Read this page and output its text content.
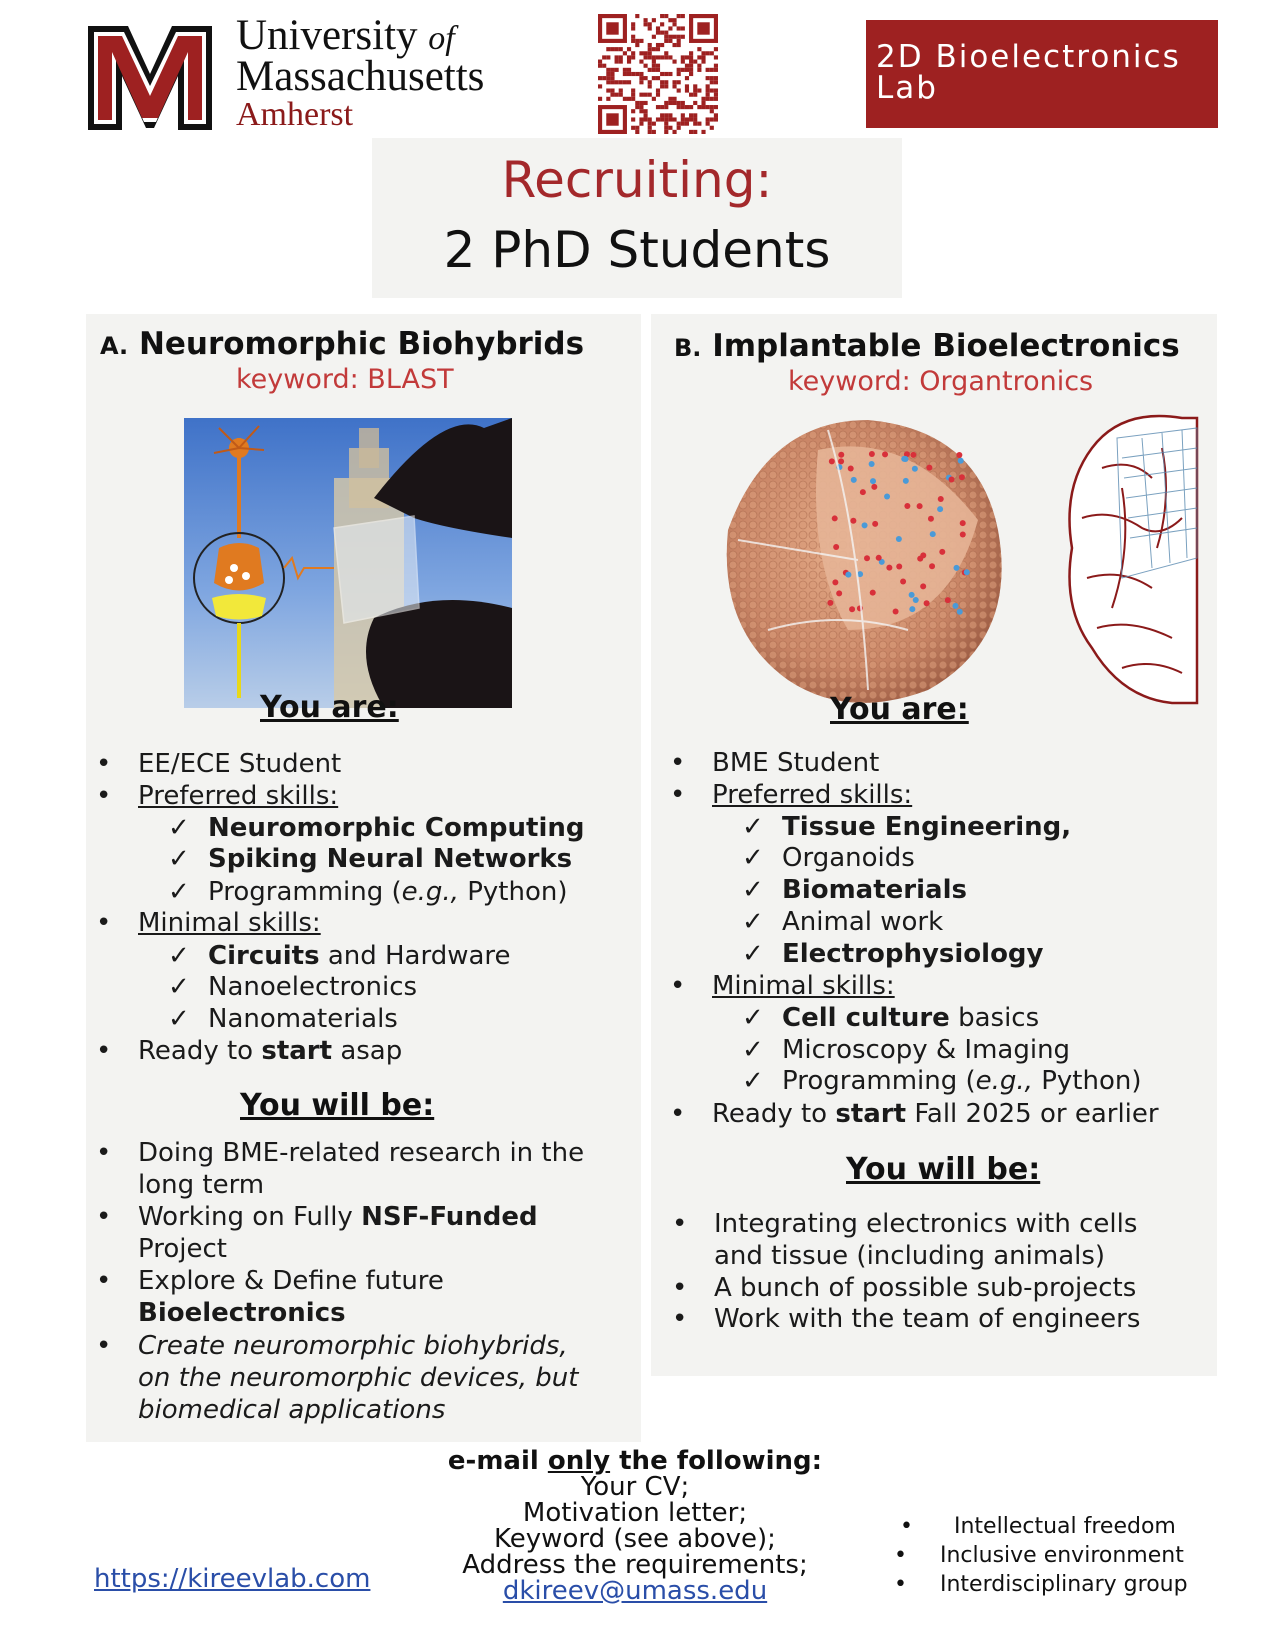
University of
Massachusetts
Amherst
2D Bioelectronics Lab
Recruiting:
2 PhD Students
A. Neuromorphic Biohybrids
keyword: BLAST
You are:
• EE/ECE Student
• Preferred skills:
✓ Neuromorphic Computing
✓ Spiking Neural Networks
✓ Programming (e.g., Python)
• Minimal skills:
✓ Circuits and Hardware
✓ Nanoelectronics
✓ Nanomaterials
• Ready to start asap
You will be:
• Doing BME-related research in the
long term
• Working on Fully NSF-Funded
Project
• Explore & Define future
Bioelectronics
• Create neuromorphic biohybrids,
on the neuromorphic devices, but
biomedical applications
B. Implantable Bioelectronics
keyword: Organtronics
You are:
• BME Student
• Preferred skills:
✓ Tissue Engineering,
✓ Organoids
✓ Biomaterials
✓ Animal work
✓ Electrophysiology
• Minimal skills:
✓ Cell culture basics
✓ Microscopy & Imaging
✓ Programming (e.g., Python)
• Ready to start Fall 2025 or earlier
You will be:
• Integrating electronics with cells
and tissue (including animals)
• A bunch of possible sub-projects
• Work with the team of engineers
https://kireevlab.com
e-mail only the following:
Your CV;
Motivation letter;
Keyword (see above);
Address the requirements;
dkireev@umass.edu
• Intellectual freedom
• Inclusive environment
• Interdisciplinary group
